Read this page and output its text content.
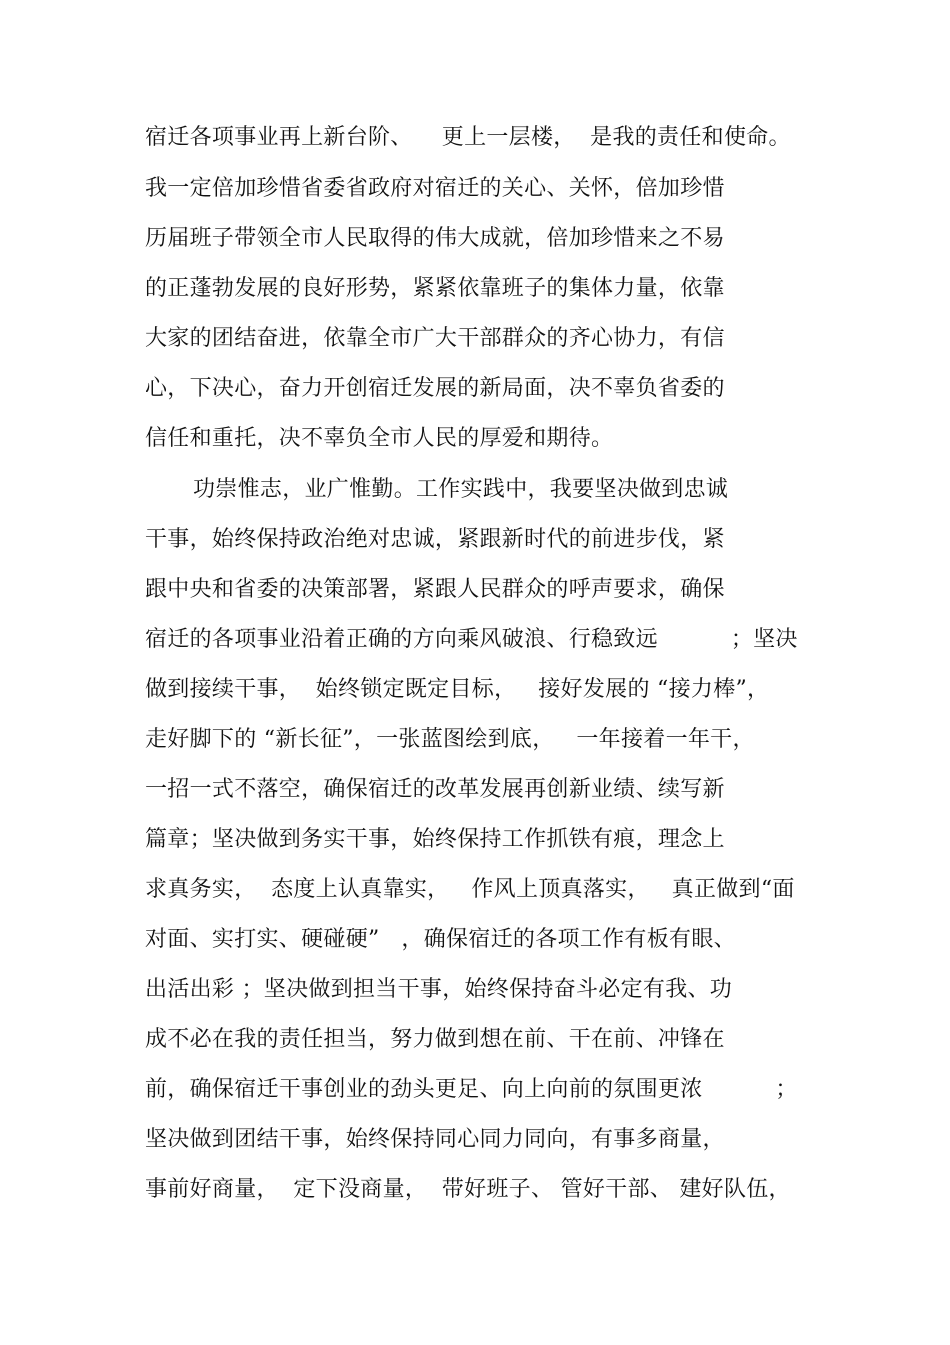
宿迁各项事业再上新台阶、    更上一层楼，  是我的责任和使命。
我一定倍加珍惜省委省政府对宿迁的关心、关怀，倍加珍惜
历届班子带领全市人民取得的伟大成就，倍加珍惜来之不易
的正蓬勃发展的良好形势，紧紧依靠班子的集体力量，依靠
大家的团结奋进，依靠全市广大干部群众的齐心协力，有信
心，下决心，奋力开创宿迁发展的新局面，决不辜负省委的
信任和重托，决不辜负全市人民的厚爱和期待。
功崇惟志，业广惟勤。工作实践中，我要坚决做到忠诚
干事，始终保持政治绝对忠诚，紧跟新时代的前进步伐，紧
跟中央和省委的决策部署，紧跟人民群众的呼声要求，确保
宿迁的各项事业沿着正确的方向乘风破浪、行稳致远          ；坚决
做到接续干事，  始终锁定既定目标，   接好发展的 “接力棒”，
走好脚下的 “新长征”，一张蓝图绘到底，   一年接着一年干，
一招一式不落空，确保宿迁的改革发展再创新业绩、续写新
篇章；坚决做到务实干事，始终保持工作抓铁有痕，理念上
求真务实，  态度上认真靠实，   作风上顶真落实，   真正做到“面
对面、实打实、硬碰硬”   ，确保宿迁的各项工作有板有眼、
出活出彩 ；坚决做到担当干事，始终保持奋斗必定有我、功
成不必在我的责任担当，努力做到想在前、干在前、冲锋在
前，确保宿迁干事创业的劲头更足、向上向前的氛围更浓          ；
坚决做到团结干事，始终保持同心同力同向，有事多商量，
事前好商量，  定下没商量，  带好班子、 管好干部、 建好队伍，
